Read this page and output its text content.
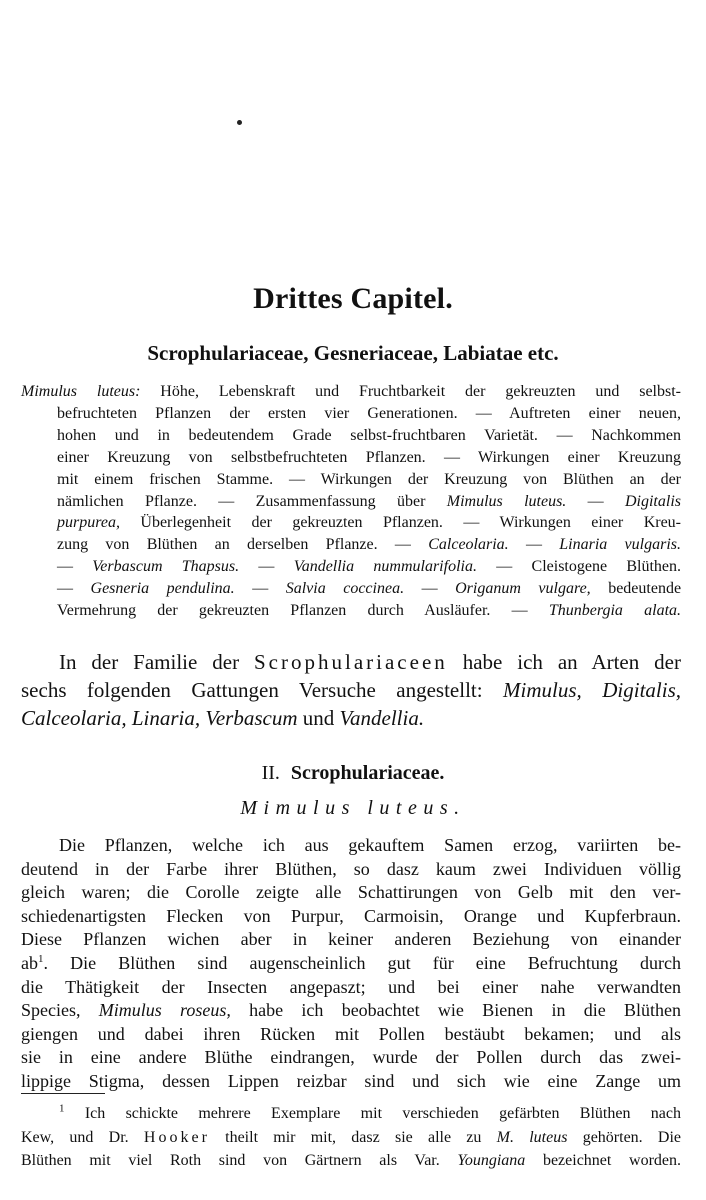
Drittes Capitel.
Scrophulariaceae, Gesneriaceae, Labiatae etc.
Mimulus luteus: Höhe, Lebenskraft und Fruchtbarkeit der gekreuzten und selbst-
befruchteten Pflanzen der ersten vier Generationen. — Auftreten einer neuen,
hohen und in bedeutendem Grade selbst-fruchtbaren Varietät. — Nachkommen
einer Kreuzung von selbstbefruchteten Pflanzen. — Wirkungen einer Kreuzung
mit einem frischen Stamme. — Wirkungen der Kreuzung von Blüthen an der
nämlichen Pflanze. — Zusammenfassung über Mimulus luteus. — Digitalis
purpurea, Überlegenheit der gekreuzten Pflanzen. — Wirkungen einer Kreu-
zung von Blüthen an derselben Pflanze. — Calceolaria. — Linaria vulgaris.
— Verbascum Thapsus. — Vandellia nummularifolia. — Cleistogene Blüthen.
— Gesneria pendulina. — Salvia coccinea. — Origanum vulgare, bedeutende
Vermehrung der gekreuzten Pflanzen durch Ausläufer. — Thunbergia alata.
In der Familie der Scrophulariaceen habe ich an Arten der
sechs folgenden Gattungen Versuche angestellt: Mimulus, Digitalis,
Calceolaria, Linaria, Verbascum und Vandellia.
II. Scrophulariaceae.
Mimulus luteus.
Die Pflanzen, welche ich aus gekauftem Samen erzog, variirten be-
deutend in der Farbe ihrer Blüthen, so dasz kaum zwei Individuen völlig
gleich waren; die Corolle zeigte alle Schattirungen von Gelb mit den ver-
schiedenartigsten Flecken von Purpur, Carmoisin, Orange und Kupferbraun.
Diese Pflanzen wichen aber in keiner anderen Beziehung von einander
$ab^1$. Die Blüthen sind augenscheinlich gut für eine Befruchtung durch
die Thätigkeit der Insecten angepaszt; und bei einer nahe verwandten
Species, Mimulus roseus, habe ich beobachtet wie Bienen in die Blüthen
giengen und dabei ihren Rücken mit Pollen bestäubt bekamen; und als
sie in eine andere Blüthe eindrangen, wurde der Pollen durch das zwei-
lippige Stigma, dessen Lippen reizbar sind und sich wie eine Zange um
$^1$ Ich schickte mehrere Exemplare mit verschieden gefärbten Blüthen nach
Kew, und Dr. Hooker theilt mir mit, dasz sie alle zu M. luteus gehörten. Die
Blüthen mit viel Roth sind von Gärtnern als Var. Youngiana bezeichnet worden.
